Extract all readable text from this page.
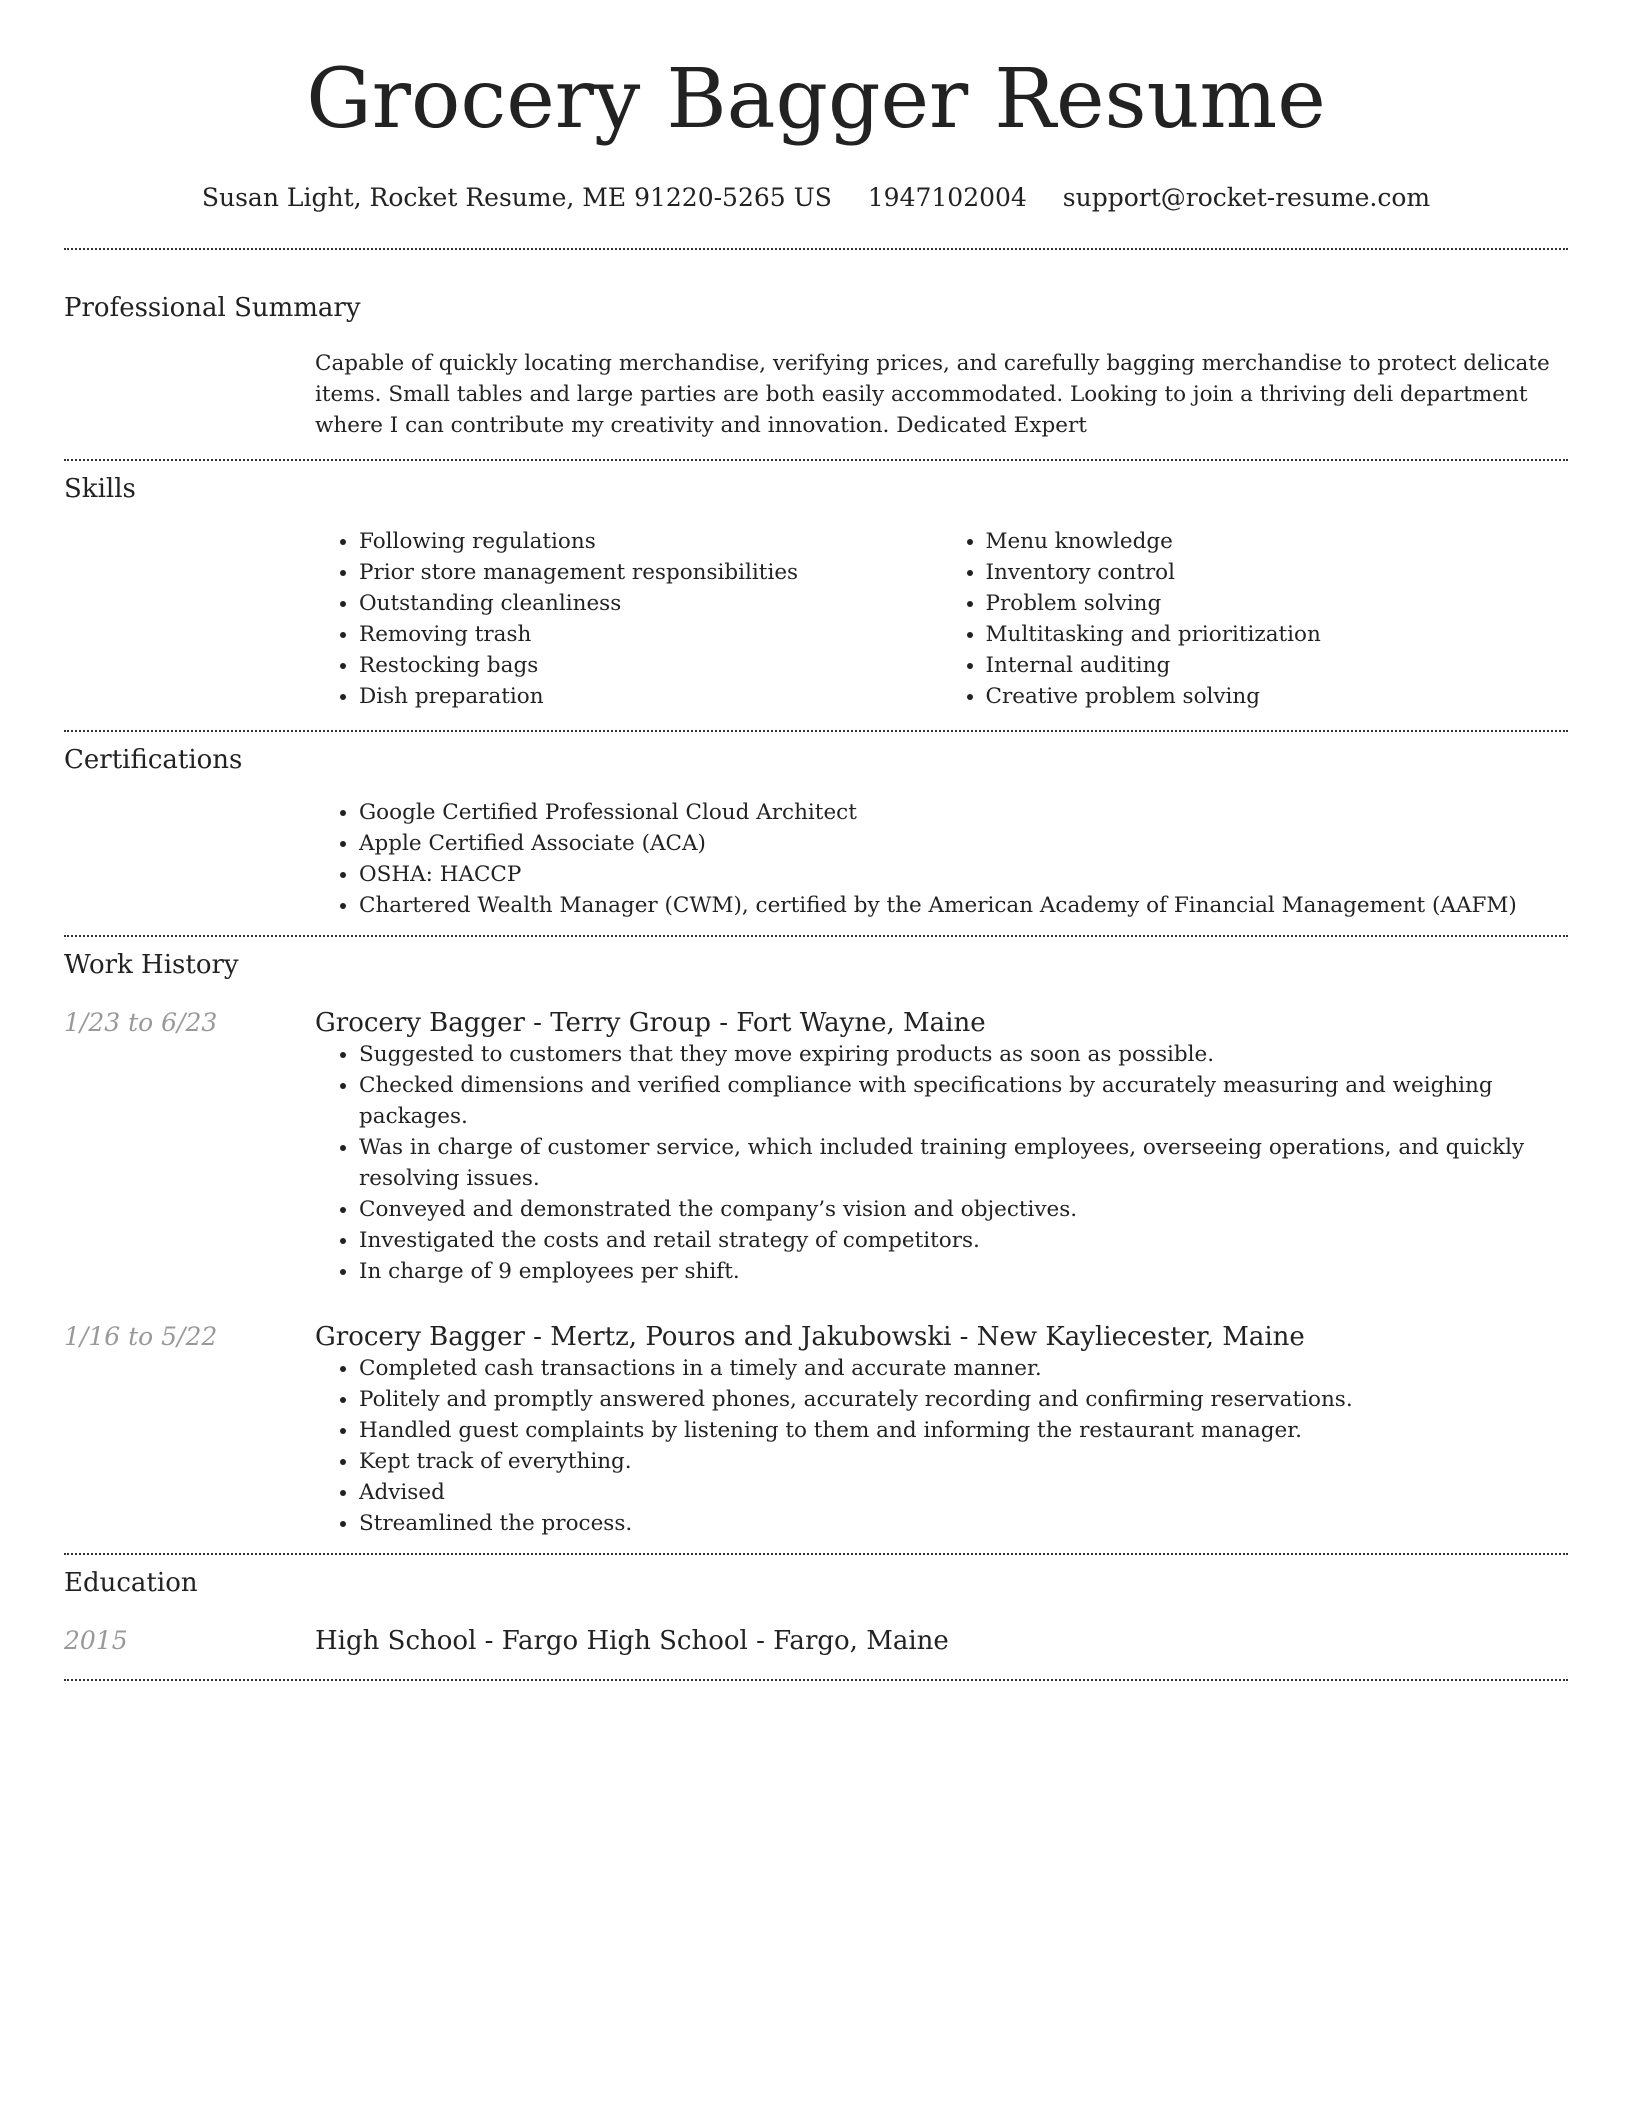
Grocery Bagger Resume
Susan Light, Rocket Resume, ME 91220-5265 US 1947102004 support@rocket-resume.com
Professional Summary

Capable of quickly locating merchandise, verifying prices, and carefully bagging merchandise to protect delicate items. Small tables and large parties are both easily accommodated. Looking to join a thriving deli department where I can contribute my creativity and innovation. Dedicated Expert

Skills
• Following regulations
• Prior store management responsibilities
• Outstanding cleanliness
• Removing trash
• Restocking bags
• Dish preparation
• Menu knowledge
• Inventory control
• Problem solving
• Multitasking and prioritization
• Internal auditing
• Creative problem solving
Certifications
• Google Certified Professional Cloud Architect
• Apple Certified Associate (ACA)
• OSHA: HACCP
• Chartered Wealth Manager (CWM), certified by the American Academy of Financial Management (AAFM)
Work History
1/23 to 6/23	Grocery Bagger - Terry Group - Fort Wayne, Maine
• Suggested to customers that they move expiring products as soon as possible.
• Checked dimensions and verified compliance with specifications by accurately measuring and weighing packages.
• Was in charge of customer service, which included training employees, overseeing operations, and quickly resolving issues.
• Conveyed and demonstrated the company’s vision and objectives.
• Investigated the costs and retail strategy of competitors.
• In charge of 9 employees per shift.
1/16 to 5/22	Grocery Bagger - Mertz, Pouros and Jakubowski - New Kayliecester, Maine
• Completed cash transactions in a timely and accurate manner.
• Politely and promptly answered phones, accurately recording and confirming reservations.
• Handled guest complaints by listening to them and informing the restaurant manager.
• Kept track of everything.
• Advised
• Streamlined the process.
Education
2015	High School - Fargo High School - Fargo, Maine
